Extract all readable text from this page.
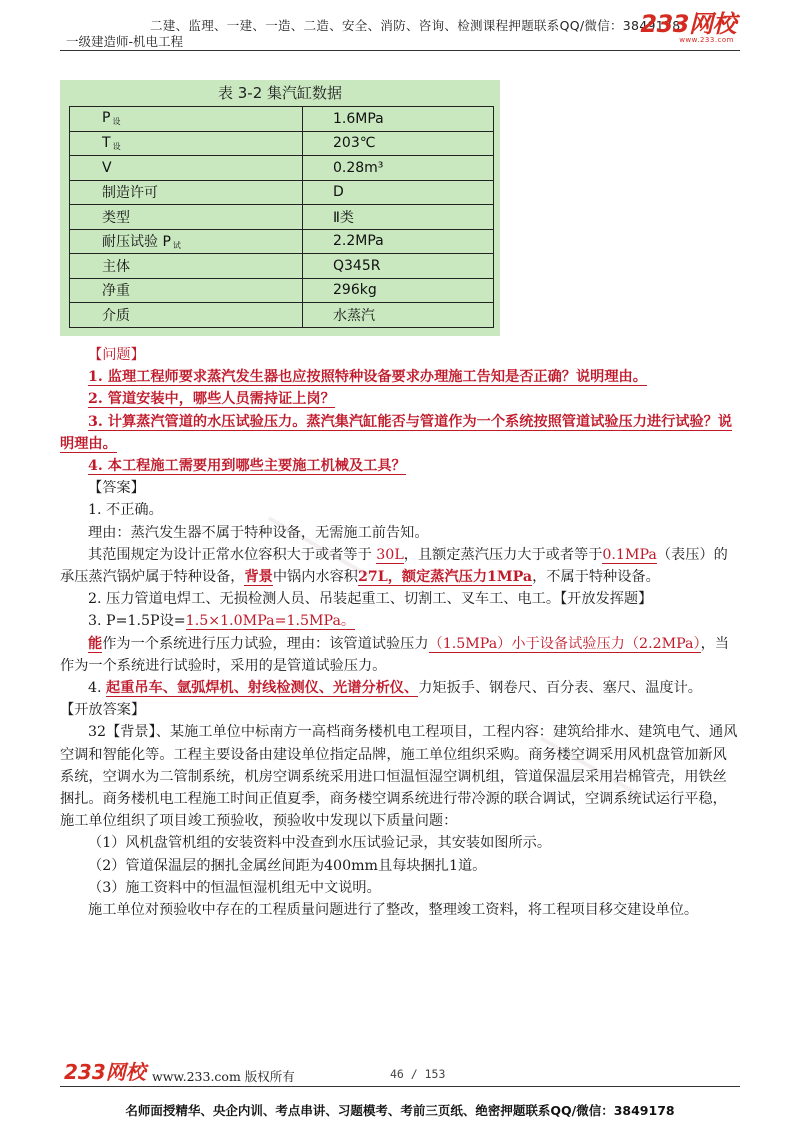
二建、监理、一建、一造、二造、安全、消防、咨询、检测课程押题联系QQ/微信：3849178
一级建造师-机电工程
233网校
www.233.com
表 3-2 集汽缸数据
P $_设$	1.6MPa
T $_设$	203℃
V	0.28m³
制造许可	D
类型	Ⅱ类
耐压试验 P $_试$	2.2MPa
主体	Q345R
净重	296kg
介质	水蒸汽

【问题】

1. 监理工程师要求蒸汽发生器也应按照特种设备要求办理施工告知是否正确？说明理由。

2. 管道安装中，哪些人员需持证上岗？

3. 计算蒸汽管道的水压试验压力。蒸汽集汽缸能否与管道作为一个系统按照管道试验压力进行试验？说明理由。

4. 本工程施工需要用到哪些主要施工机械及工具？

【答案】

1. 不正确。

理由：蒸汽发生器不属于特种设备，无需施工前告知。

其范围规定为设计正常水位容积大于或者等于 30L，且额定蒸汽压力大于或者等于0.1MPa（表压）的承压蒸汽锅炉属于特种设备，背景中锅内水容积27L，额定蒸汽压力1MPa，不属于特种设备。

2. 压力管道电焊工、无损检测人员、吊装起重工、切割工、叉车工、电工。【开放发挥题】

3. P=1.5P设=1.5×1.0MPa=1.5MPa。

能作为一个系统进行压力试验，理由：该管道试验压力（1.5MPa）小于设备试验压力（2.2MPa），当作为一个系统进行试验时，采用的是管道试验压力。

4. 起重吊车、氩弧焊机、射线检测仪、光谱分析仪、力矩扳手、钢卷尺、百分表、塞尺、温度计。

【开放答案】

32【背景】、某施工单位中标南方一高档商务楼机电工程项目，工程内容：建筑给排水、建筑电气、通风空调和智能化等。工程主要设备由建设单位指定品牌，施工单位组织采购。商务楼空调采用风机盘管加新风系统，空调水为二管制系统，机房空调系统采用进口恒温恒湿空调机组，管道保温层采用岩棉管壳，用铁丝捆扎。商务楼机电工程施工时间正值夏季，商务楼空调系统进行带冷源的联合调试，空调系统试运行平稳，施工单位组织了项目竣工预验收，预验收中发现以下质量问题：

（1）风机盘管机组的安装资料中没查到水压试验记录，其安装如图所示。

（2）管道保温层的捆扎金属丝间距为400mm且每块捆扎1道。

（3）施工资料中的恒温恒湿机组无中文说明。

施工单位对预验收中存在的工程质量问题进行了整改，整理竣工资料，将工程项目移交建设单位。

233网校 www.233.com 版权所有	46 / 153
名师面授精华、央企内训、考点串讲、习题模考、考前三页纸、绝密押题联系QQ/微信：3849178
